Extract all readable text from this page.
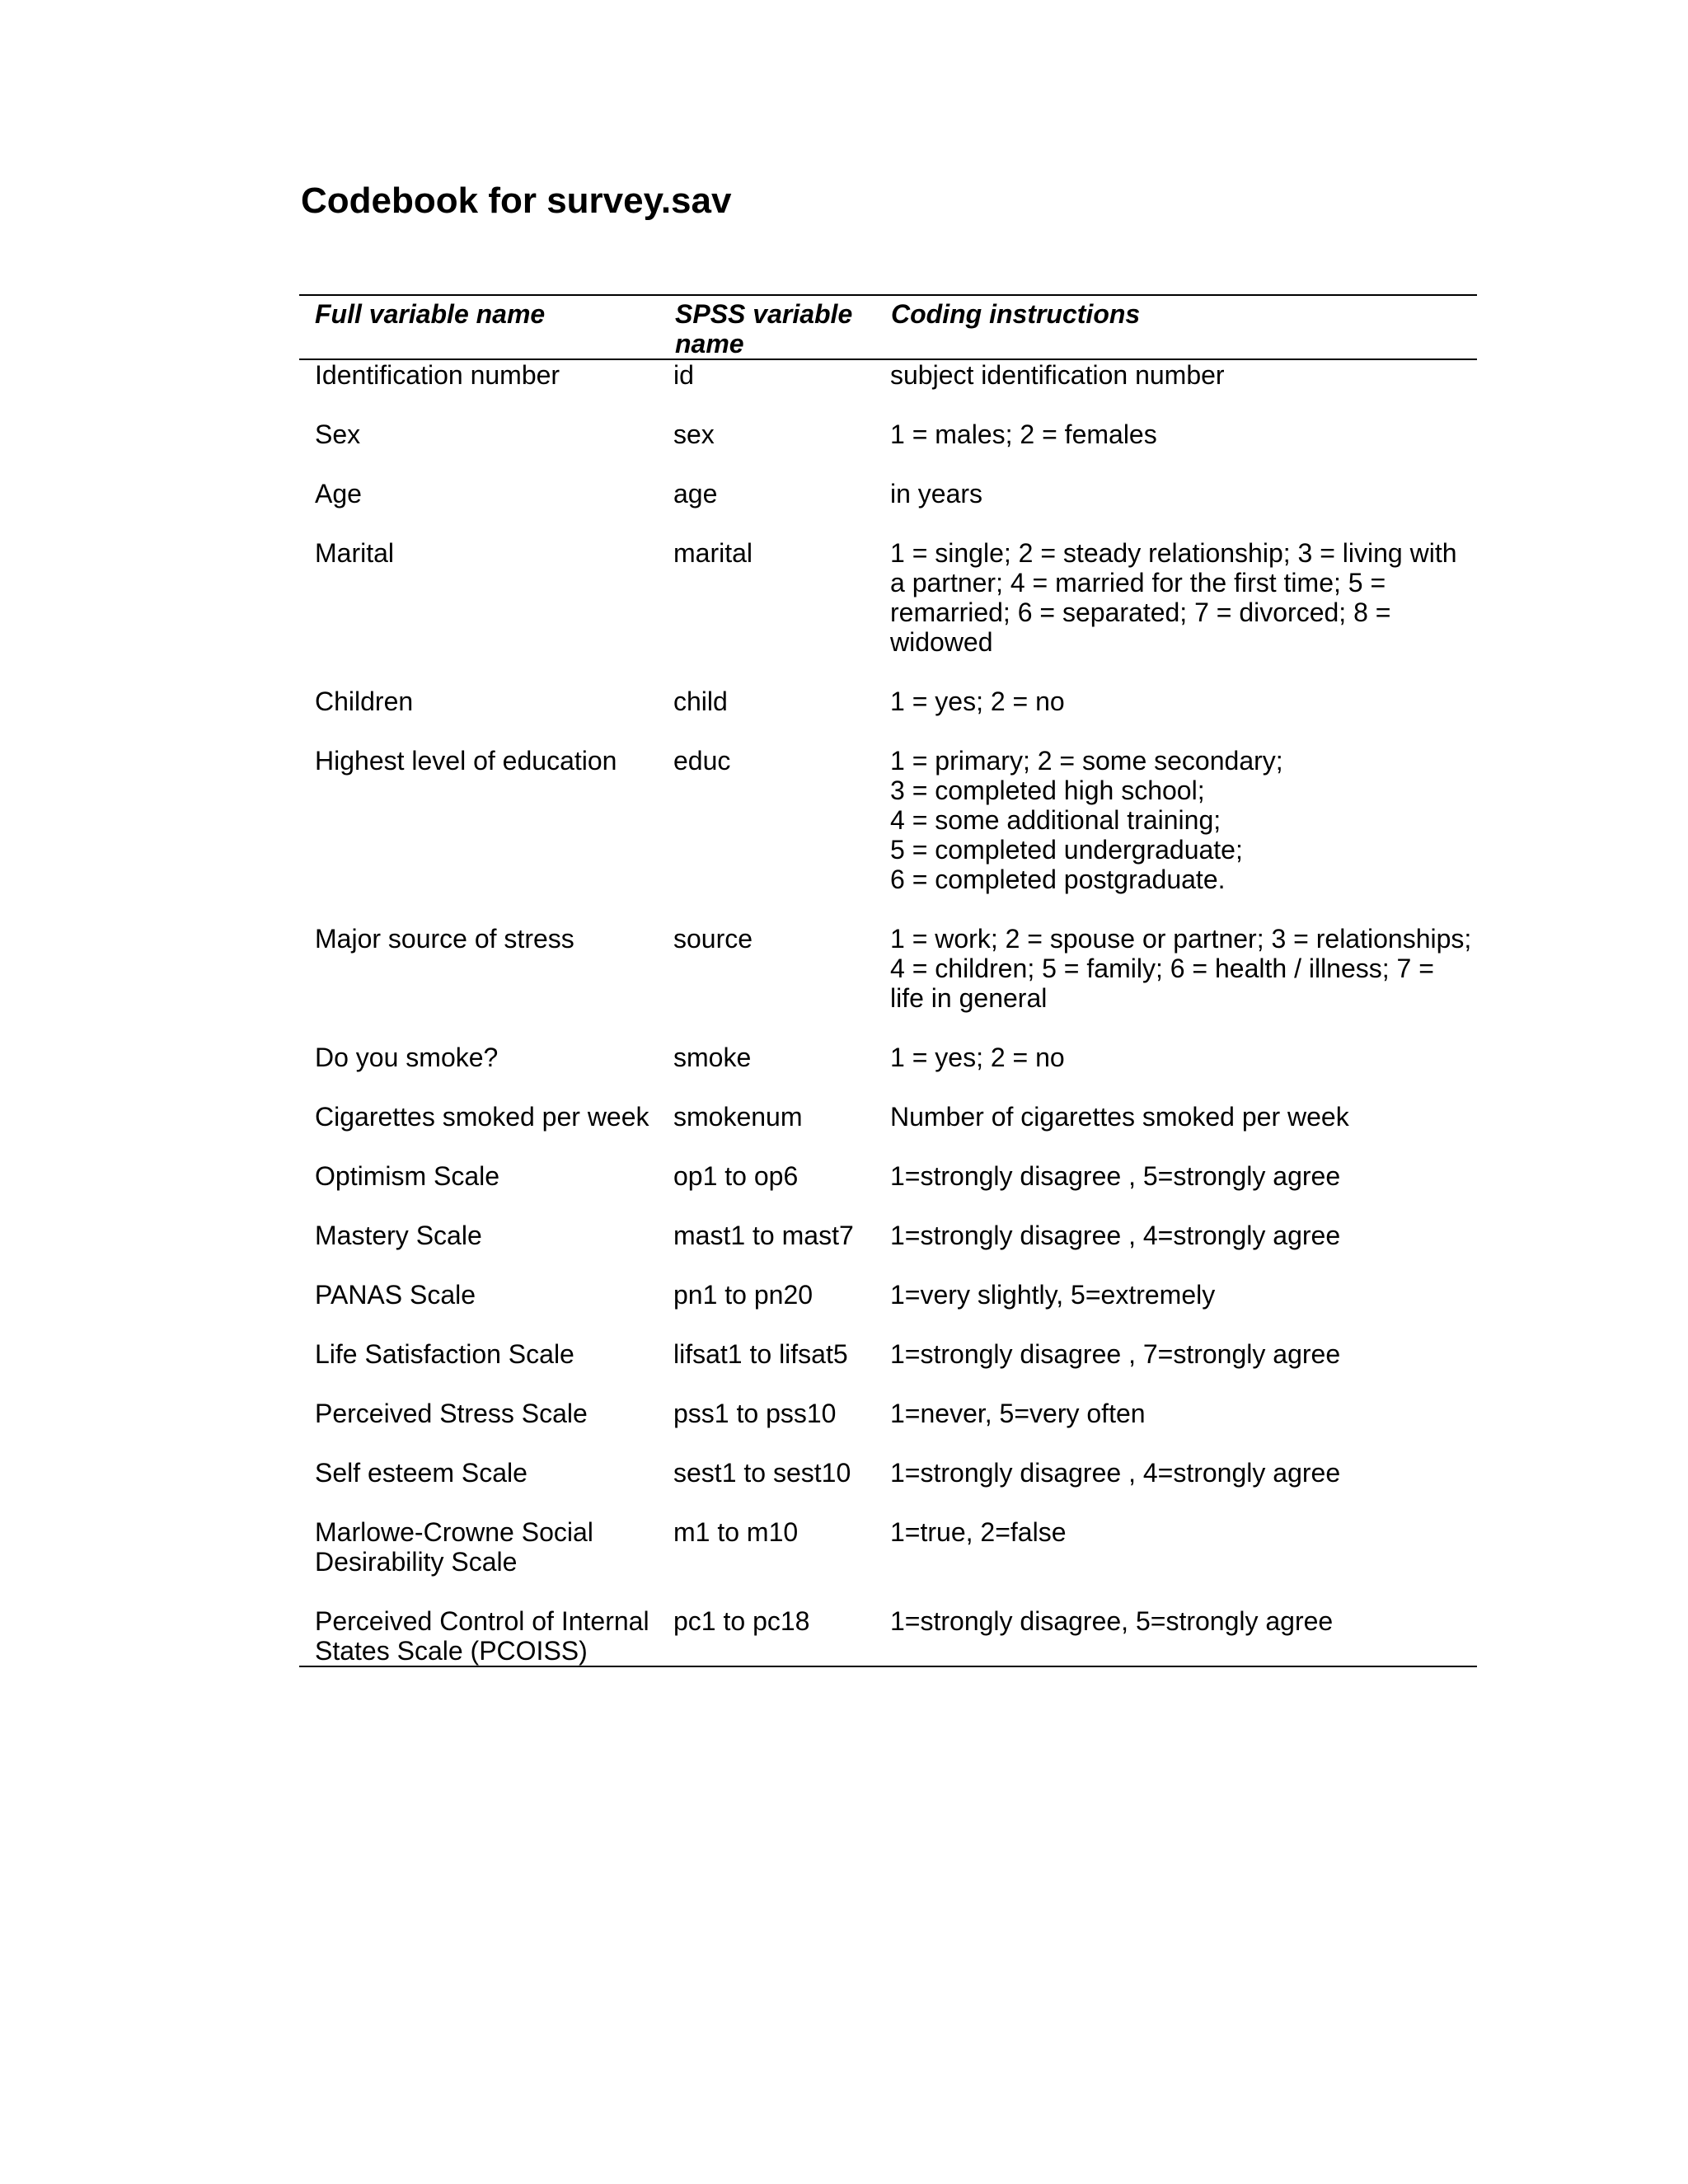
Codebook for survey.sav
Full variable name	SPSS variable name	Coding instructions
Identification number	id	subject identification number
Sex	sex	1 = males; 2 = females
Age	age	in years
Marital	marital	1 = single; 2 = steady relationship; 3 = living with a partner; 4 = married for the first time; 5 = remarried; 6 = separated; 7 = divorced; 8 = widowed
Children	child	1 = yes; 2 = no
Highest level of education	educ	1 = primary; 2 = some secondary;
3 = completed high school;
4 = some additional training;
5 = completed undergraduate;
6 = completed postgraduate.
Major source of stress	source	1 = work; 2 = spouse or partner; 3 = relationships; 4 = children; 5 = family; 6 = health / illness; 7 = life in general
Do you smoke?	smoke	1 = yes; 2 = no
Cigarettes smoked per week	smokenum	Number of cigarettes smoked per week
Optimism Scale	op1 to op6	1=strongly disagree , 5=strongly agree
Mastery Scale	mast1 to mast7	1=strongly disagree , 4=strongly agree
PANAS Scale	pn1 to pn20	1=very slightly, 5=extremely
Life Satisfaction Scale	lifsat1 to lifsat5	1=strongly disagree , 7=strongly agree
Perceived Stress Scale	pss1 to pss10	1=never, 5=very often
Self esteem Scale	sest1 to sest10	1=strongly disagree , 4=strongly agree
Marlowe-Crowne Social Desirability Scale	m1 to m10	1=true, 2=false
Perceived Control of Internal States Scale (PCOISS)	pc1 to pc18	1=strongly disagree, 5=strongly agree
